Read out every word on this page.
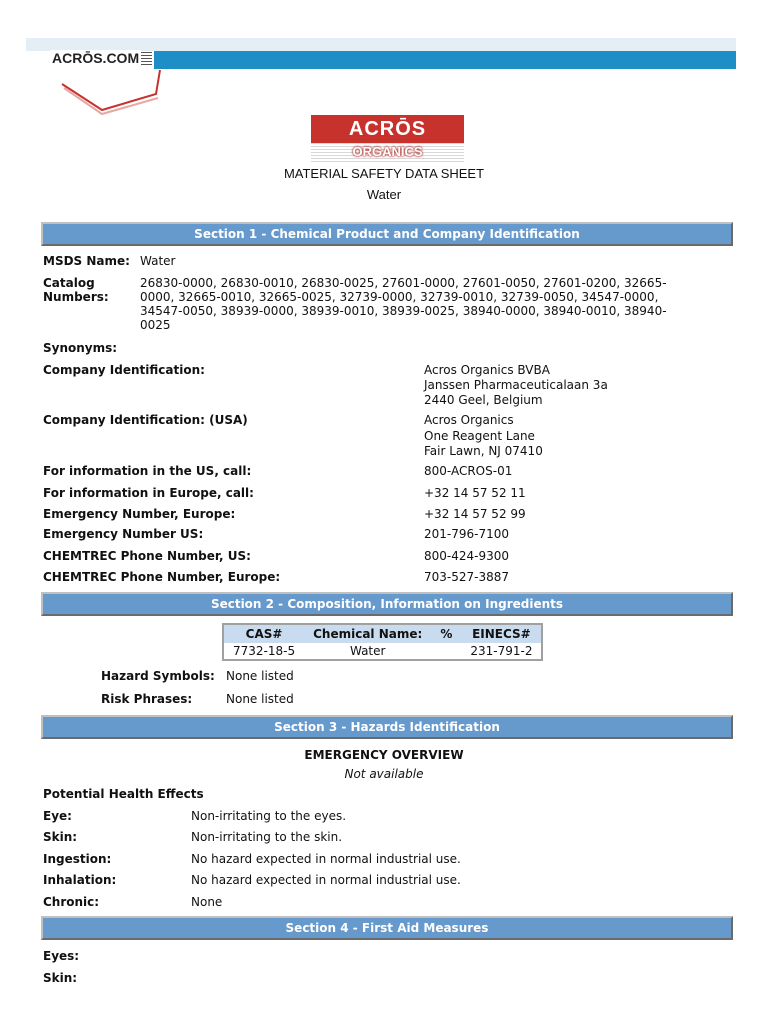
ACRŌS.COM
ACRŌS
ORGANICS
MATERIAL SAFETY DATA SHEET
Water
Section 1 - Chemical Product and Company Identification
MSDS Name: Water
Catalog
Numbers:
26830-0000, 26830-0010, 26830-0025, 27601-0000, 27601-0050, 27601-0200, 32665-
0000, 32665-0010, 32665-0025, 32739-0000, 32739-0010, 32739-0050, 34547-0000,
34547-0050, 38939-0000, 38939-0010, 38939-0025, 38940-0000, 38940-0010, 38940-
0025
Synonyms:
Company Identification:	Acros Organics BVBA
Janssen Pharmaceuticalaan 3a
2440 Geel, Belgium
Company Identification: (USA)	Acros Organics
One Reagent Lane
Fair Lawn, NJ 07410
For information in the US, call:	800-ACROS-01
For information in Europe, call:	+32 14 57 52 11
Emergency Number, Europe:	+32 14 57 52 99
Emergency Number US:	201-796-7100
CHEMTREC Phone Number, US:	800-424-9300
CHEMTREC Phone Number, Europe:	703-527-3887
Section 2 - Composition, Information on Ingredients
CAS#	Chemical Name:	%	EINECS#
7732-18-5	Water		231-791-2
Hazard Symbols: None listed
Risk Phrases:	None listed
Section 3 - Hazards Identification
EMERGENCY OVERVIEW
Not available
Potential Health Effects
Eye:	Non-irritating to the eyes.
Skin:	Non-irritating to the skin.
Ingestion:	No hazard expected in normal industrial use.
Inhalation:	No hazard expected in normal industrial use.
Chronic:	None
Section 4 - First Aid Measures
Eyes:
Skin:
